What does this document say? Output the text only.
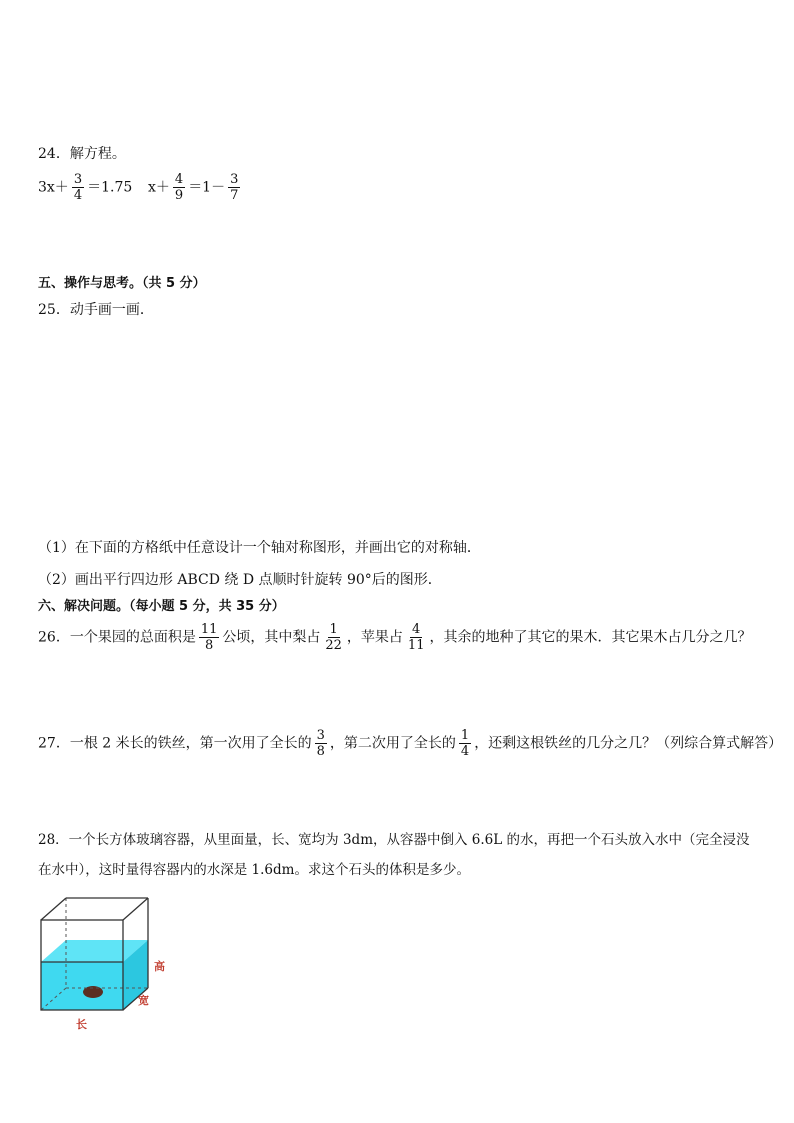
24．解方程。
$3x+ \frac{3}{4} =1.75$ $x+ \frac{4}{9} =1- \frac{3}{7}$
五、操作与思考。（共 5 分）
25．动手画一画．
（1）在下面的方格纸中任意设计一个轴对称图形，并画出它的对称轴．
（2）画出平行四边形 ABCD 绕 D 点顺时针旋转 90°后的图形．
六、解决问题。（每小题 5 分，共 35 分）
26．一个果园的总面积是 $\frac{11}{8}$ 公顷，其中梨占 $\frac{1}{22}$ ，苹果占 $\frac{4}{11}$ ，其余的地种了其它的果木．其它果木占几分之几？
27．一根 2 米长的铁丝，第一次用了全长的 $\frac{3}{8}$ ，第二次用了全长的 $\frac{1}{4}$ ，还剩这根铁丝的几分之几？（列综合算式解答）
28．一个长方体玻璃容器，从里面量，长、宽均为 3dm，从容器中倒入 6.6L 的水，再把一个石头放入水中（完全浸没
在水中），这时量得容器内的水深是 1.6dm。求这个石头的体积是多少。
高
宽
长
